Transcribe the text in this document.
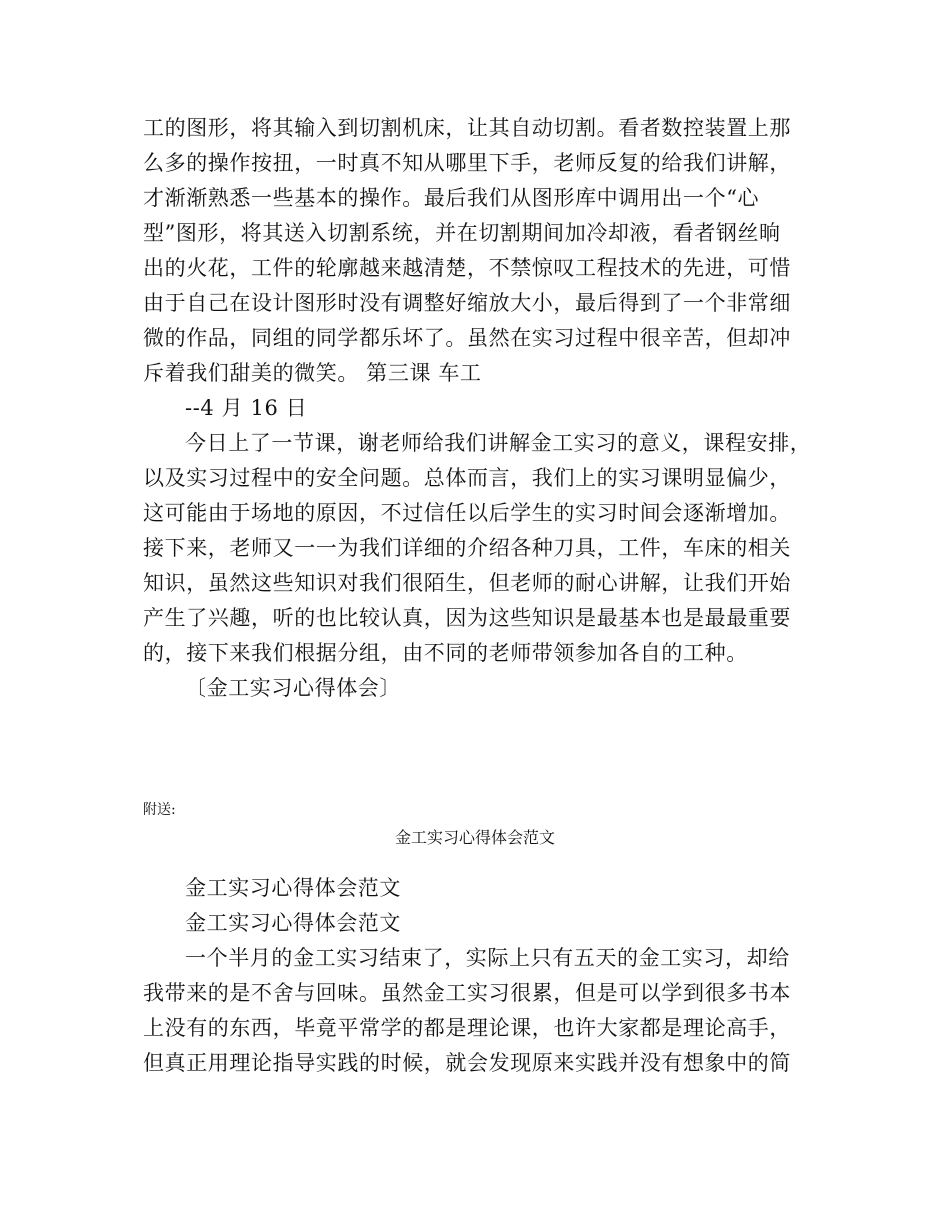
工的图形，将其输入到切割机床，让其自动切割。看者数控装置上那
么多的操作按扭，一时真不知从哪里下手，老师反复的给我们讲解，
才渐渐熟悉一些基本的操作。最后我们从图形库中调用出一个“心
型”图形，将其送入切割系统，并在切割期间加冷却液，看者钢丝晌
出的火花，工件的轮廓越来越清楚，不禁惊叹工程技术的先进，可惜
由于自己在设计图形时没有调整好缩放大小，最后得到了一个非常细
微的作品，同组的同学都乐坏了。虽然在实习过程中很辛苦，但却冲
斥着我们甜美的微笑。 第三课 车工
--4 月 16 日
今日上了一节课，谢老师给我们讲解金工实习的意义，课程安排，
以及实习过程中的安全问题。总体而言，我们上的实习课明显偏少，
这可能由于场地的原因，不过信任以后学生的实习时间会逐渐增加。
接下来，老师又一一为我们详细的介绍各种刀具，工件，车床的相关
知识，虽然这些知识对我们很陌生，但老师的耐心讲解，让我们开始
产生了兴趣，听的也比较认真，因为这些知识是最基本也是最最重要
的，接下来我们根据分组，由不同的老师带领参加各自的工种。
〔金工实习心得体会〕
附送:
金工实习心得体会范文
金工实习心得体会范文
金工实习心得体会范文
一个半月的金工实习结束了，实际上只有五天的金工实习，却给
我带来的是不舍与回味。虽然金工实习很累，但是可以学到很多书本
上没有的东西，毕竟平常学的都是理论课，也许大家都是理论高手，
但真正用理论指导实践的时候，就会发现原来实践并没有想象中的简
